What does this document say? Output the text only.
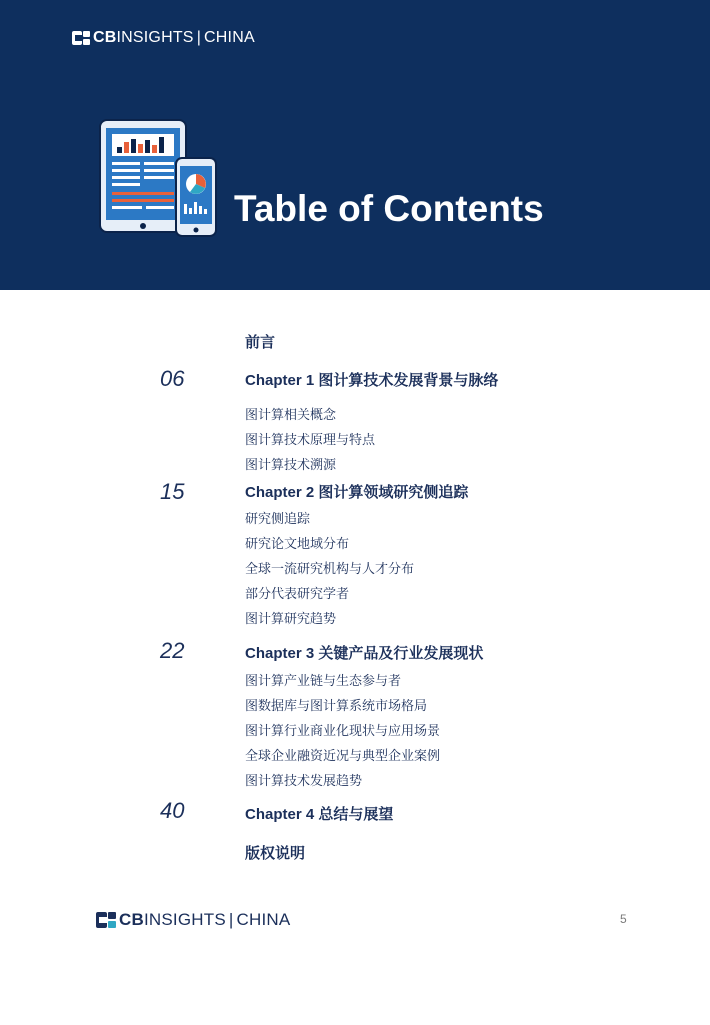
CBINSIGHTS | CHINA
Table of Contents
前言
06	Chapter 1 图计算技术发展背景与脉络
图计算相关概念
图计算技术原理与特点
图计算技术溯源
15	Chapter 2 图计算领域研究侧追踪
研究侧追踪
研究论文地域分布
全球一流研究机构与人才分布
部分代表研究学者
图计算研究趋势
22	Chapter 3 关键产品及行业发展现状
图计算产业链与生态参与者
图数据库与图计算系统市场格局
图计算行业商业化现状与应用场景
全球企业融资近况与典型企业案例
图计算技术发展趋势
40	Chapter 4 总结与展望
版权说明
CBINSIGHTS | CHINA	5
